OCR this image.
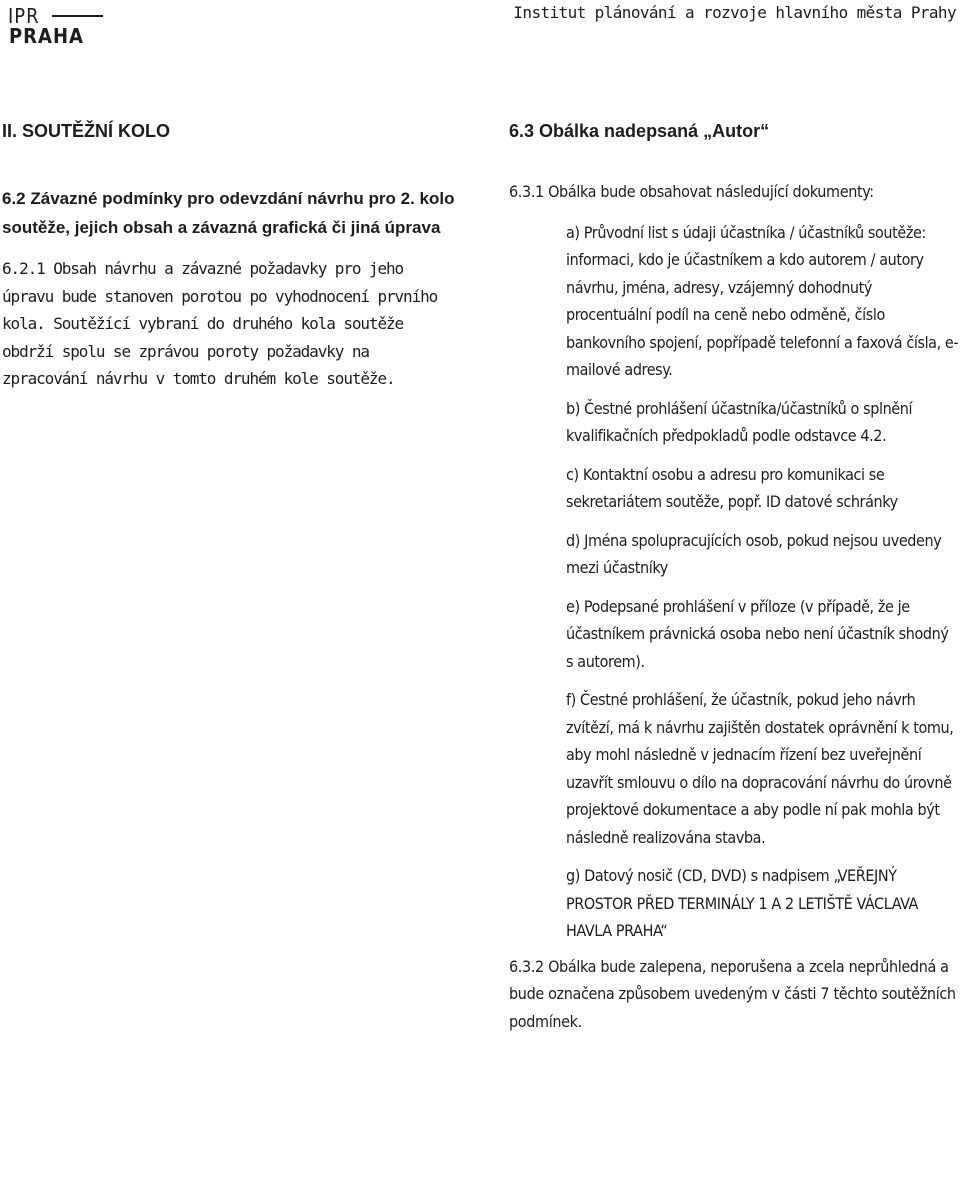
IPR
PRAHA
Institut plánování a rozvoje hlavního města Prahy
II. SOUTĚŽNÍ KOLO
6.2 Závazné podmínky pro odevzdání návrhu pro 2. kolo soutěže, jejich obsah a závazná grafická či jiná úprava

6.2.1 Obsah návrhu a závazné požadavky pro jeho úpravu bude stanoven porotou po vyhodnocení prvního kola. Soutěžící vybraní do druhého kola soutěže obdrží spolu se zprávou poroty požadavky na zpracování návrhu v tomto druhém kole soutěže.

6.3 Obálka nadepsaná „Autor“

6.3.1 Obálka bude obsahovat následující dokumenty:

a) Průvodní list s údaji účastníka / účastníků soutěže: informaci, kdo je účastníkem a kdo autorem / autory návrhu, jména, adresy, vzájemný dohodnutý procentuální podíl na ceně nebo odměně, číslo bankovního spojení, popřípadě telefonní a faxová čísla, e-mailové adresy.

b) Čestné prohlášení účastníka/účastníků o splnění kvalifikačních předpokladů podle odstavce 4.2.

c) Kontaktní osobu a adresu pro komunikaci se sekretariátem soutěže, popř. ID datové schránky

d) Jména spolupracujících osob, pokud nejsou uvedeny mezi účastníky

e) Podepsané prohlášení v příloze (v případě, že je účastníkem právnická osoba nebo není účastník shodný s autorem).

f) Čestné prohlášení, že účastník, pokud jeho návrh zvítězí, má k návrhu zajištěn dostatek oprávnění k tomu, aby mohl následně v jednacím řízení bez uveřejnění uzavřít smlouvu o dílo na dopracování návrhu do úrovně projektové dokumentace a aby podle ní pak mohla být následně realizována stavba.

g) Datový nosič (CD, DVD) s nadpisem „VEŘEJNÝ PROSTOR PŘED TERMINÁLY 1 A 2 LETIŠTĚ VÁCLAVA HAVLA PRAHA“

6.3.2 Obálka bude zalepena, neporušena a zcela neprůhledná a bude označena způsobem uvedeným v části 7 těchto soutěžních podmínek.
